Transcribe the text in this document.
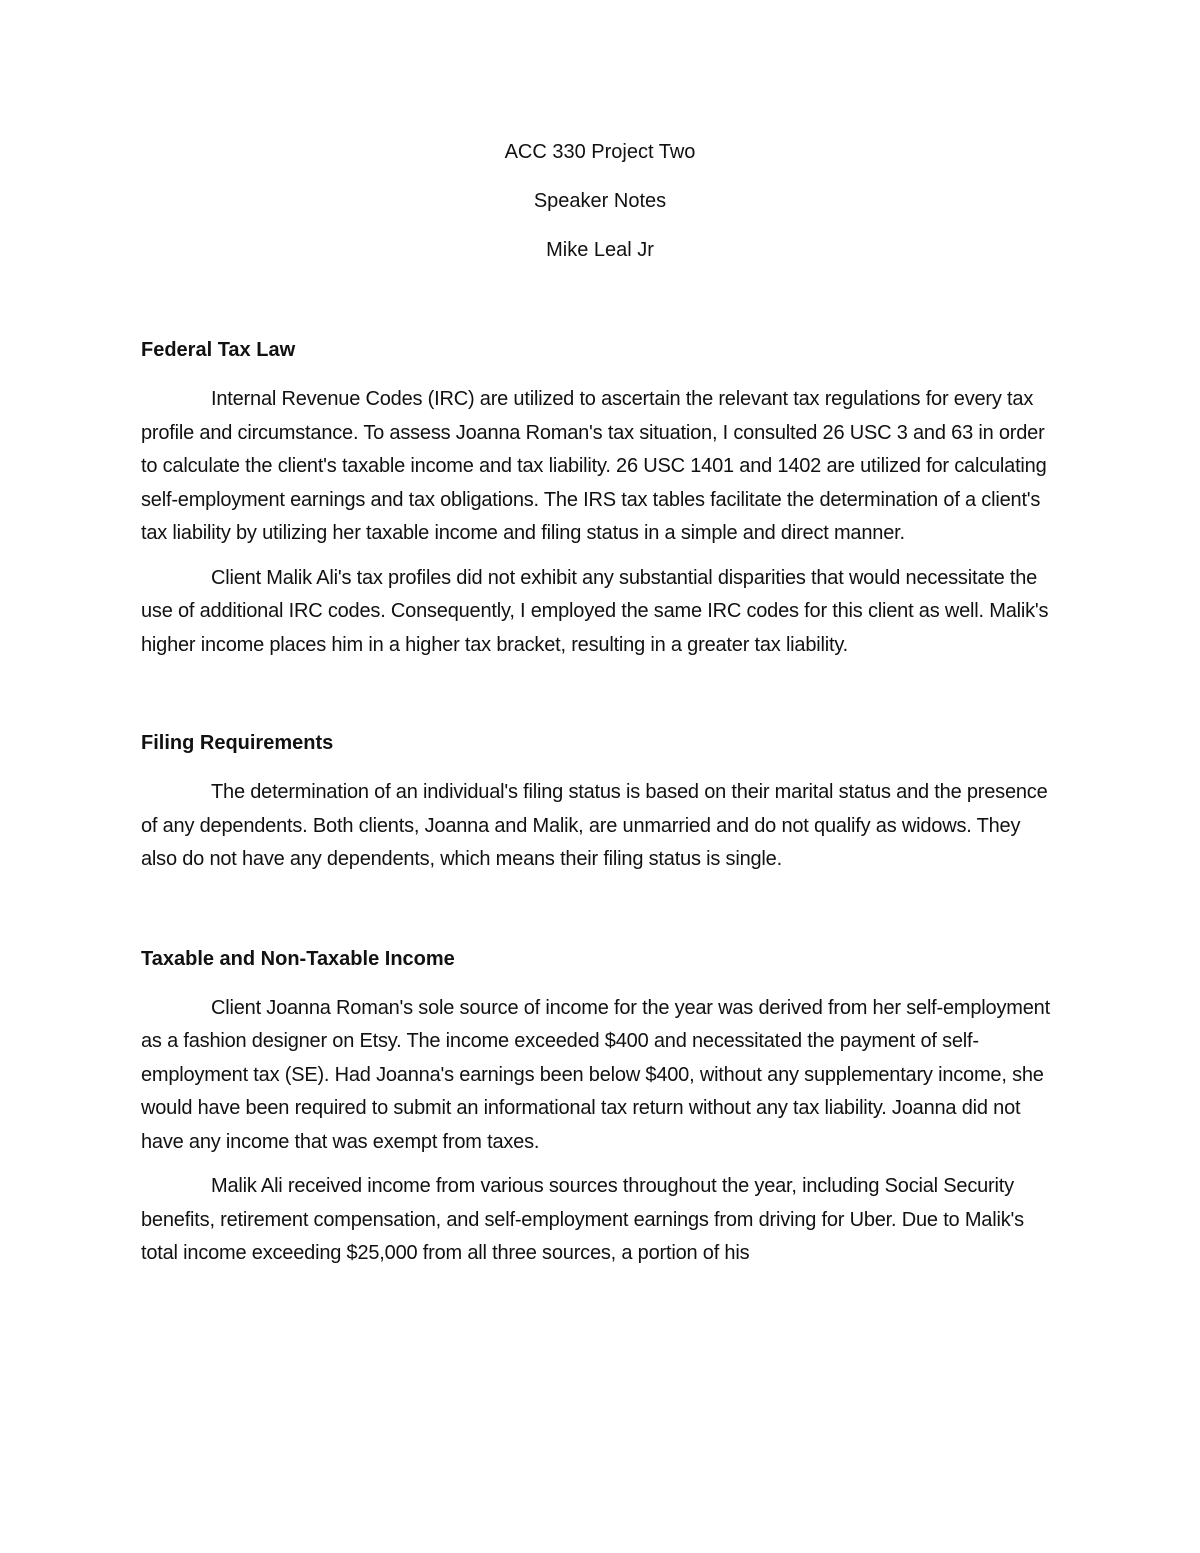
ACC 330 Project Two

Speaker Notes

Mike Leal Jr

Federal Tax Law

Internal Revenue Codes (IRC) are utilized to ascertain the relevant tax regulations for every tax profile and circumstance. To assess Joanna Roman's tax situation, I consulted 26 USC 3 and 63 in order to calculate the client's taxable income and tax liability. 26 USC 1401 and 1402 are utilized for calculating self-employment earnings and tax obligations. The IRS tax tables facilitate the determination of a client's tax liability by utilizing her taxable income and filing status in a simple and direct manner.

Client Malik Ali's tax profiles did not exhibit any substantial disparities that would necessitate the use of additional IRC codes. Consequently, I employed the same IRC codes for this client as well. Malik's higher income places him in a higher tax bracket, resulting in a greater tax liability.

Filing Requirements

The determination of an individual's filing status is based on their marital status and the presence of any dependents. Both clients, Joanna and Malik, are unmarried and do not qualify as widows. They also do not have any dependents, which means their filing status is single.

Taxable and Non-Taxable Income

Client Joanna Roman's sole source of income for the year was derived from her self-employment as a fashion designer on Etsy. The income exceeded $400 and necessitated the payment of self-employment tax (SE). Had Joanna's earnings been below $400, without any supplementary income, she would have been required to submit an informational tax return without any tax liability. Joanna did not have any income that was exempt from taxes.

Malik Ali received income from various sources throughout the year, including Social Security benefits, retirement compensation, and self-employment earnings from driving for Uber. Due to Malik's total income exceeding $25,000 from all three sources, a portion of his
